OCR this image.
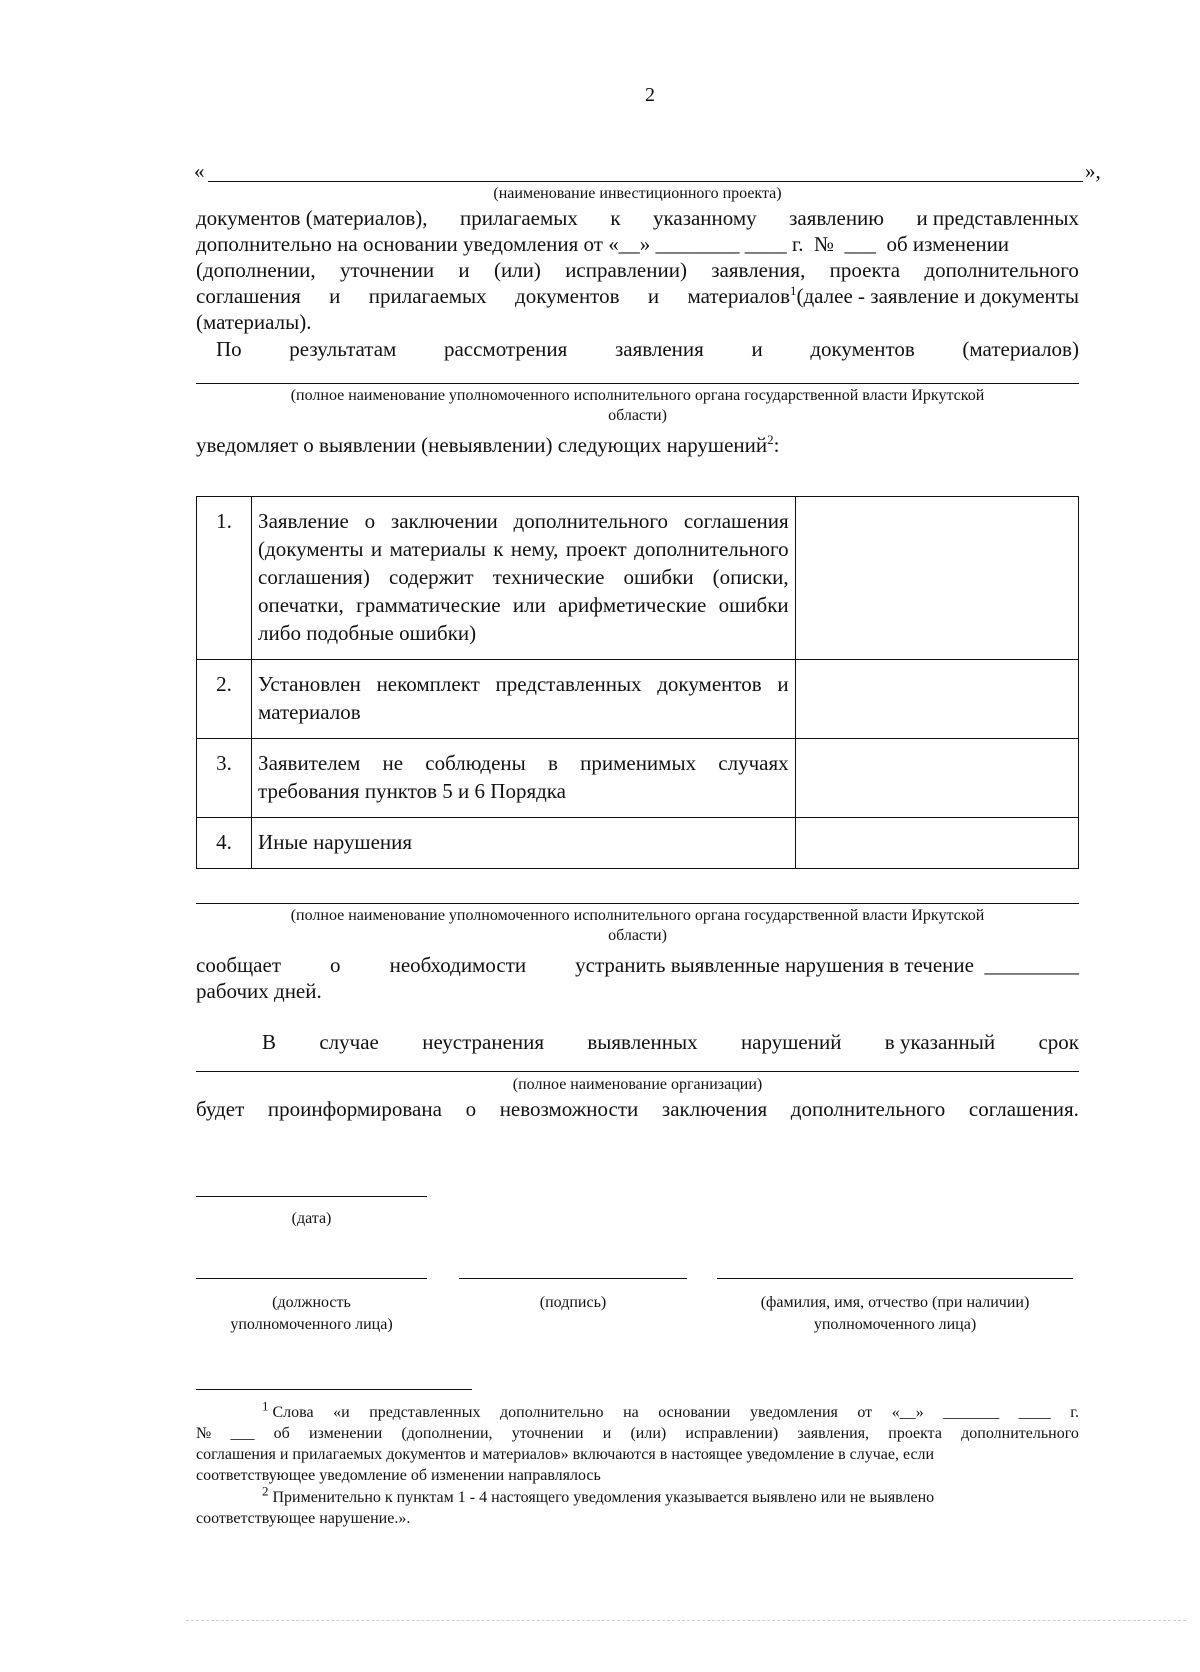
2
«	»,
(наименование инвестиционного проекта)
документов (материалов), прилагаемых к указанному заявлению и представленных
дополнительно на основании уведомления от «__» ________ ____ г.  №  ___  об изменении
(дополнении, уточнении и (или) исправлении) заявления, проекта дополнительного
соглашения и прилагаемых документов и материалов$^1$(далее - заявление и документы
(материалы).
По результатам рассмотрения заявления и документов (материалов)
(полное наименование уполномоченного исполнительного органа государственной власти Иркутской
области)
уведомляет о выявлении (невыявлении) следующих нарушений$^2$:
1.	Заявление о заключении дополнительного соглашения (документы и материалы к нему, проект дополнительного соглашения) содержит технические ошибки (описки, опечатки, грамматические или арифметические ошибки либо подобные ошибки)	
2.	Установлен некомплект представленных документов и материалов	
3.	Заявителем не соблюдены в применимых случаях требования пунктов 5 и 6 Порядка	
4.	Иные нарушения	
(полное наименование уполномоченного исполнительного органа государственной власти Иркутской
области)
сообщает о необходимости устранить выявленные нарушения в течение  _________
рабочих дней.
В случае неустранения выявленных нарушений в указанный срок
(полное наименование организации)
будет проинформирована о невозможности заключения дополнительного соглашения.
(дата)
(должность
уполномоченного лица)
(подпись)	(фамилия, имя, отчество (при наличии)
уполномоченного лица)
$^1$ Слова «и представленных дополнительно на основании уведомления от «__» _______ ____ г.
№ ___ об изменении (дополнении, уточнении и (или) исправлении) заявления, проекта дополнительного
соглашения и прилагаемых документов и материалов» включаются в настоящее уведомление в случае, если
соответствующее уведомление об изменении направлялось
$^2$ Применительно к пунктам 1 - 4 настоящего уведомления указывается выявлено или не выявлено
соответствующее нарушение.».
